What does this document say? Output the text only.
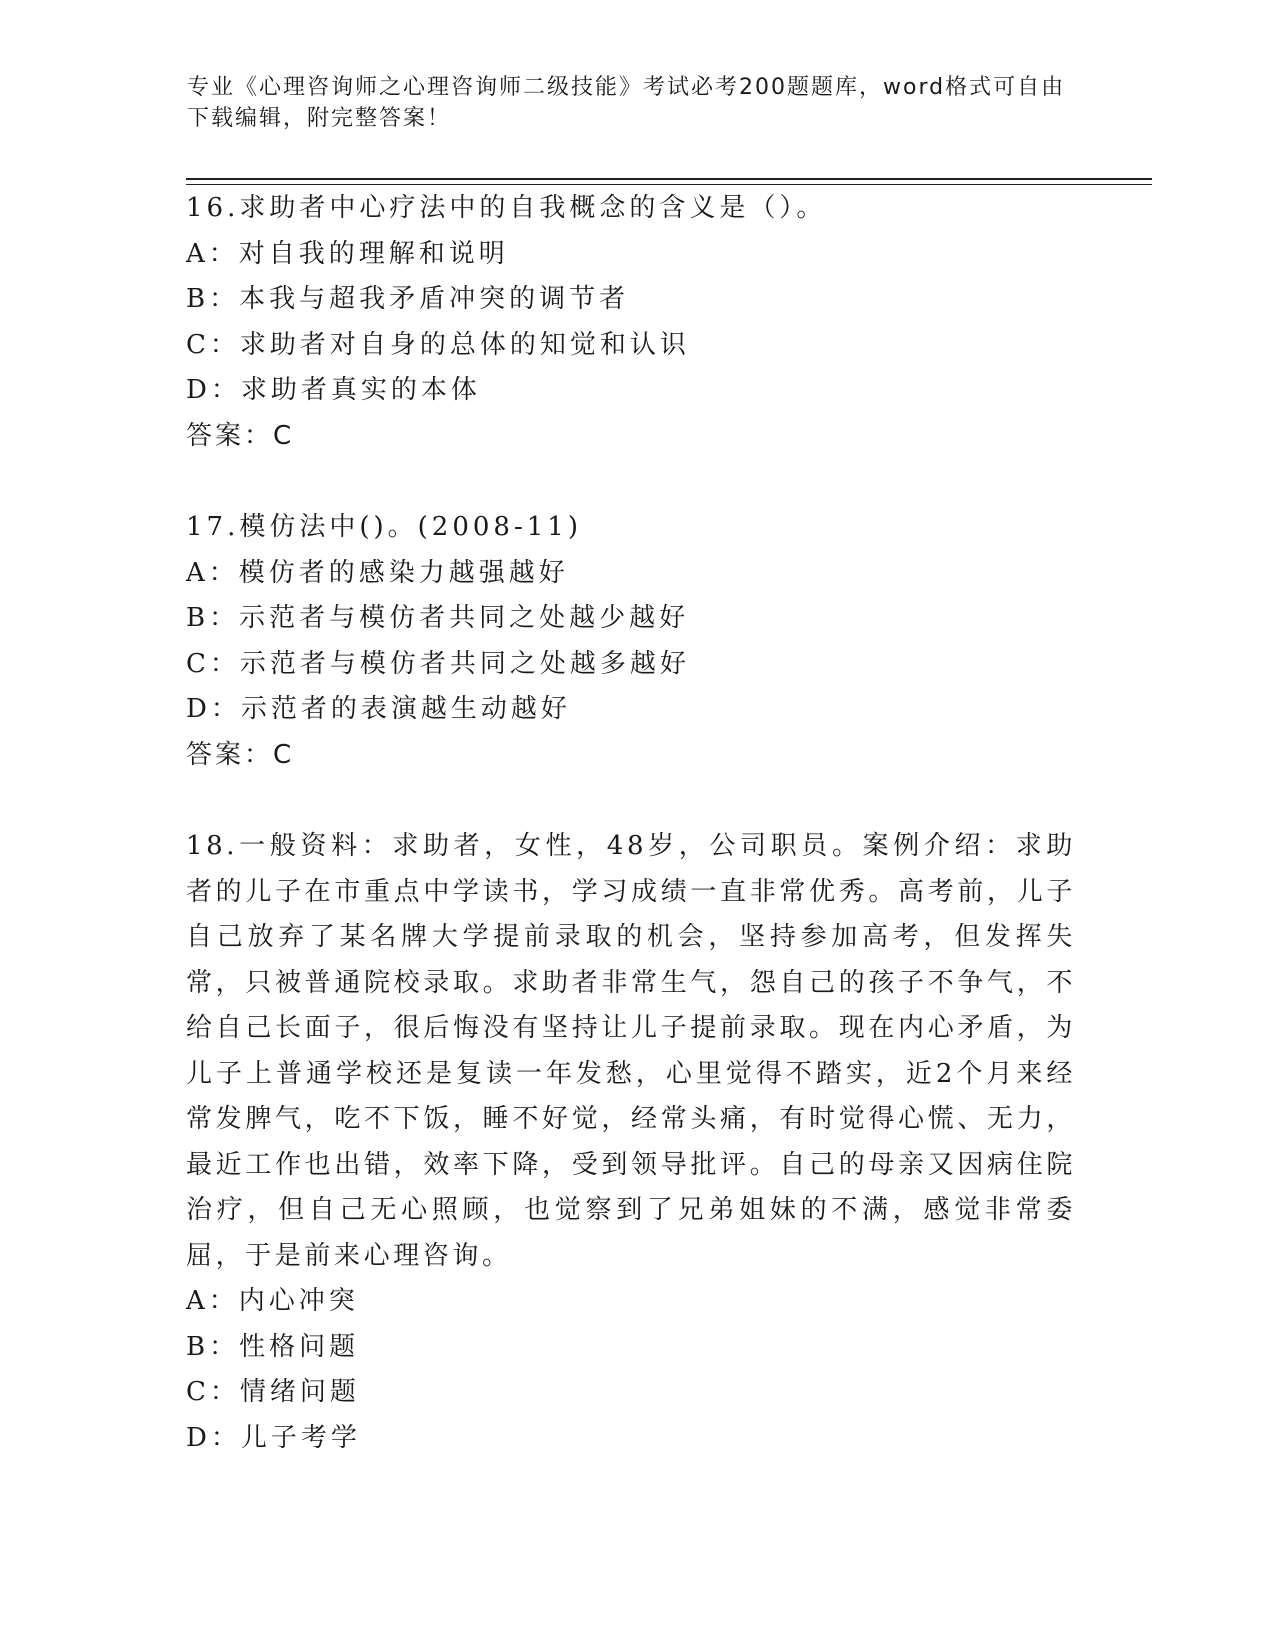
专业《心理咨询师之心理咨询师二级技能》考试必考200题题库，word格式可自由下载编辑，附完整答案！
16.求助者中心疗法中的自我概念的含义是（）。
A：对自我的理解和说明
B：本我与超我矛盾冲突的调节者
C：求助者对自身的总体的知觉和认识
D：求助者真实的本体
答案：C
17.模仿法中()。(2008-11)
A：模仿者的感染力越强越好
B：示范者与模仿者共同之处越少越好
C：示范者与模仿者共同之处越多越好
D：示范者的表演越生动越好
答案：C
18.一般资料：求助者，女性，48岁，公司职员。案例介绍：求助者的儿子在市重点中学读书，学习成绩一直非常优秀。高考前，儿子自己放弃了某名牌大学提前录取的机会，坚持参加高考，但发挥失常，只被普通院校录取。求助者非常生气，怨自己的孩子不争气，不给自己长面子，很后悔没有坚持让儿子提前录取。现在内心矛盾，为儿子上普通学校还是复读一年发愁，心里觉得不踏实，近2个月来经常发脾气，吃不下饭，睡不好觉，经常头痛，有时觉得心慌、无力，最近工作也出错，效率下降，受到领导批评。自己的母亲又因病住院治疗，但自己无心照顾，也觉察到了兄弟姐妹的不满，感觉非常委屈，于是前来心理咨询。
A：内心冲突
B：性格问题
C：情绪问题
D：儿子考学
